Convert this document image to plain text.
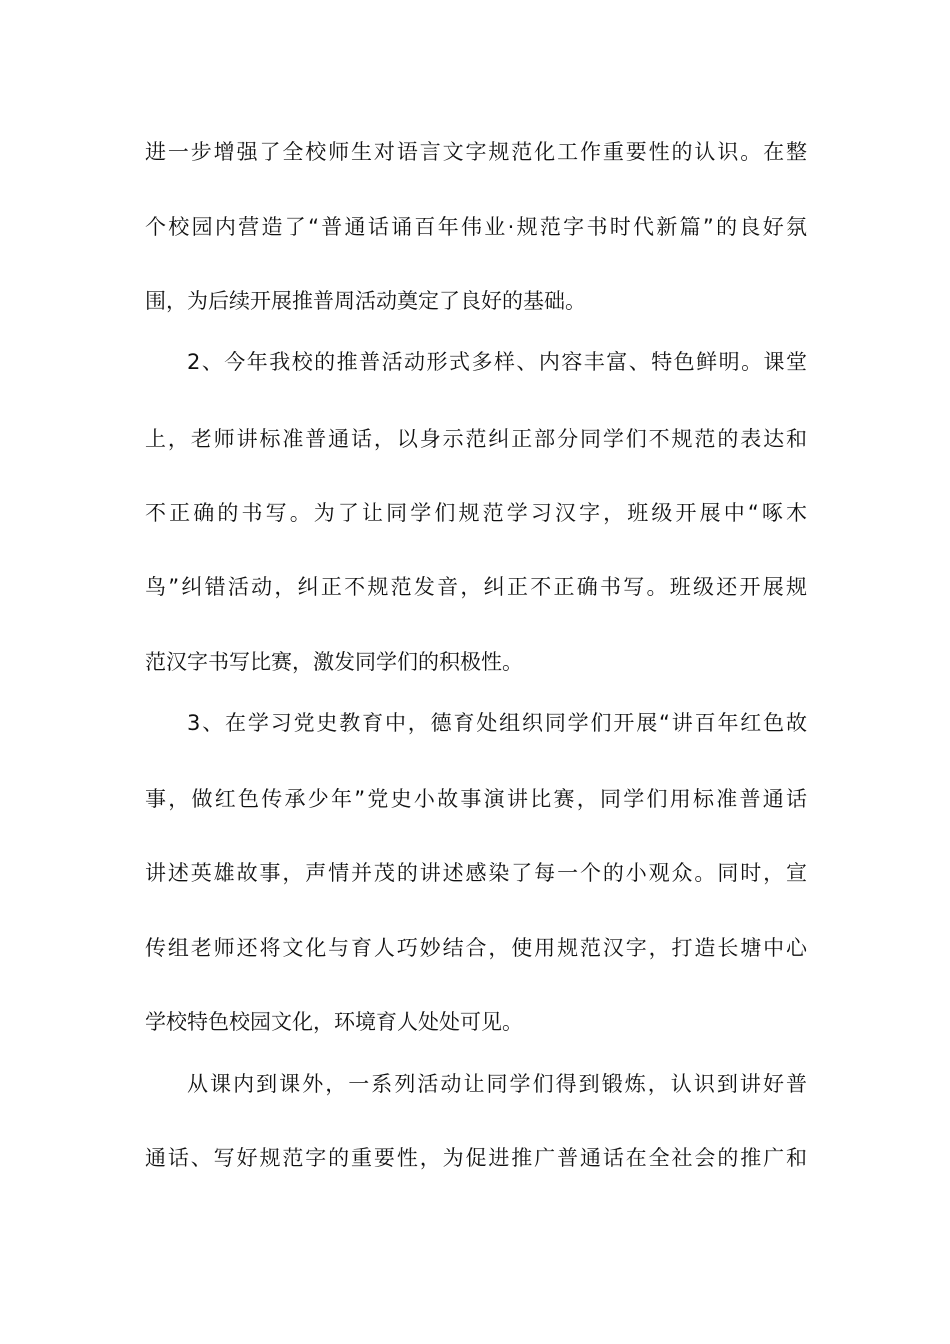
进一步增强了全校师生对语言文字规范化工作重要性的认识。在整
个校园内营造了“普通话诵百年伟业·规范字书时代新篇”的良好氛
围，为后续开展推普周活动奠定了良好的基础。
2、今年我校的推普活动形式多样、内容丰富、特色鲜明。课堂
上，老师讲标准普通话，以身示范纠正部分同学们不规范的表达和
不正确的书写。为了让同学们规范学习汉字，班级开展中“啄木
鸟”纠错活动，纠正不规范发音，纠正不正确书写。班级还开展规
范汉字书写比赛，激发同学们的积极性。
3、在学习党史教育中，德育处组织同学们开展“讲百年红色故
事，做红色传承少年”党史小故事演讲比赛，同学们用标准普通话
讲述英雄故事，声情并茂的讲述感染了每一个的小观众。同时，宣
传组老师还将文化与育人巧妙结合，使用规范汉字，打造长塘中心
学校特色校园文化，环境育人处处可见。
从课内到课外，一系列活动让同学们得到锻炼，认识到讲好普
通话、写好规范字的重要性，为促进推广普通话在全社会的推广和
